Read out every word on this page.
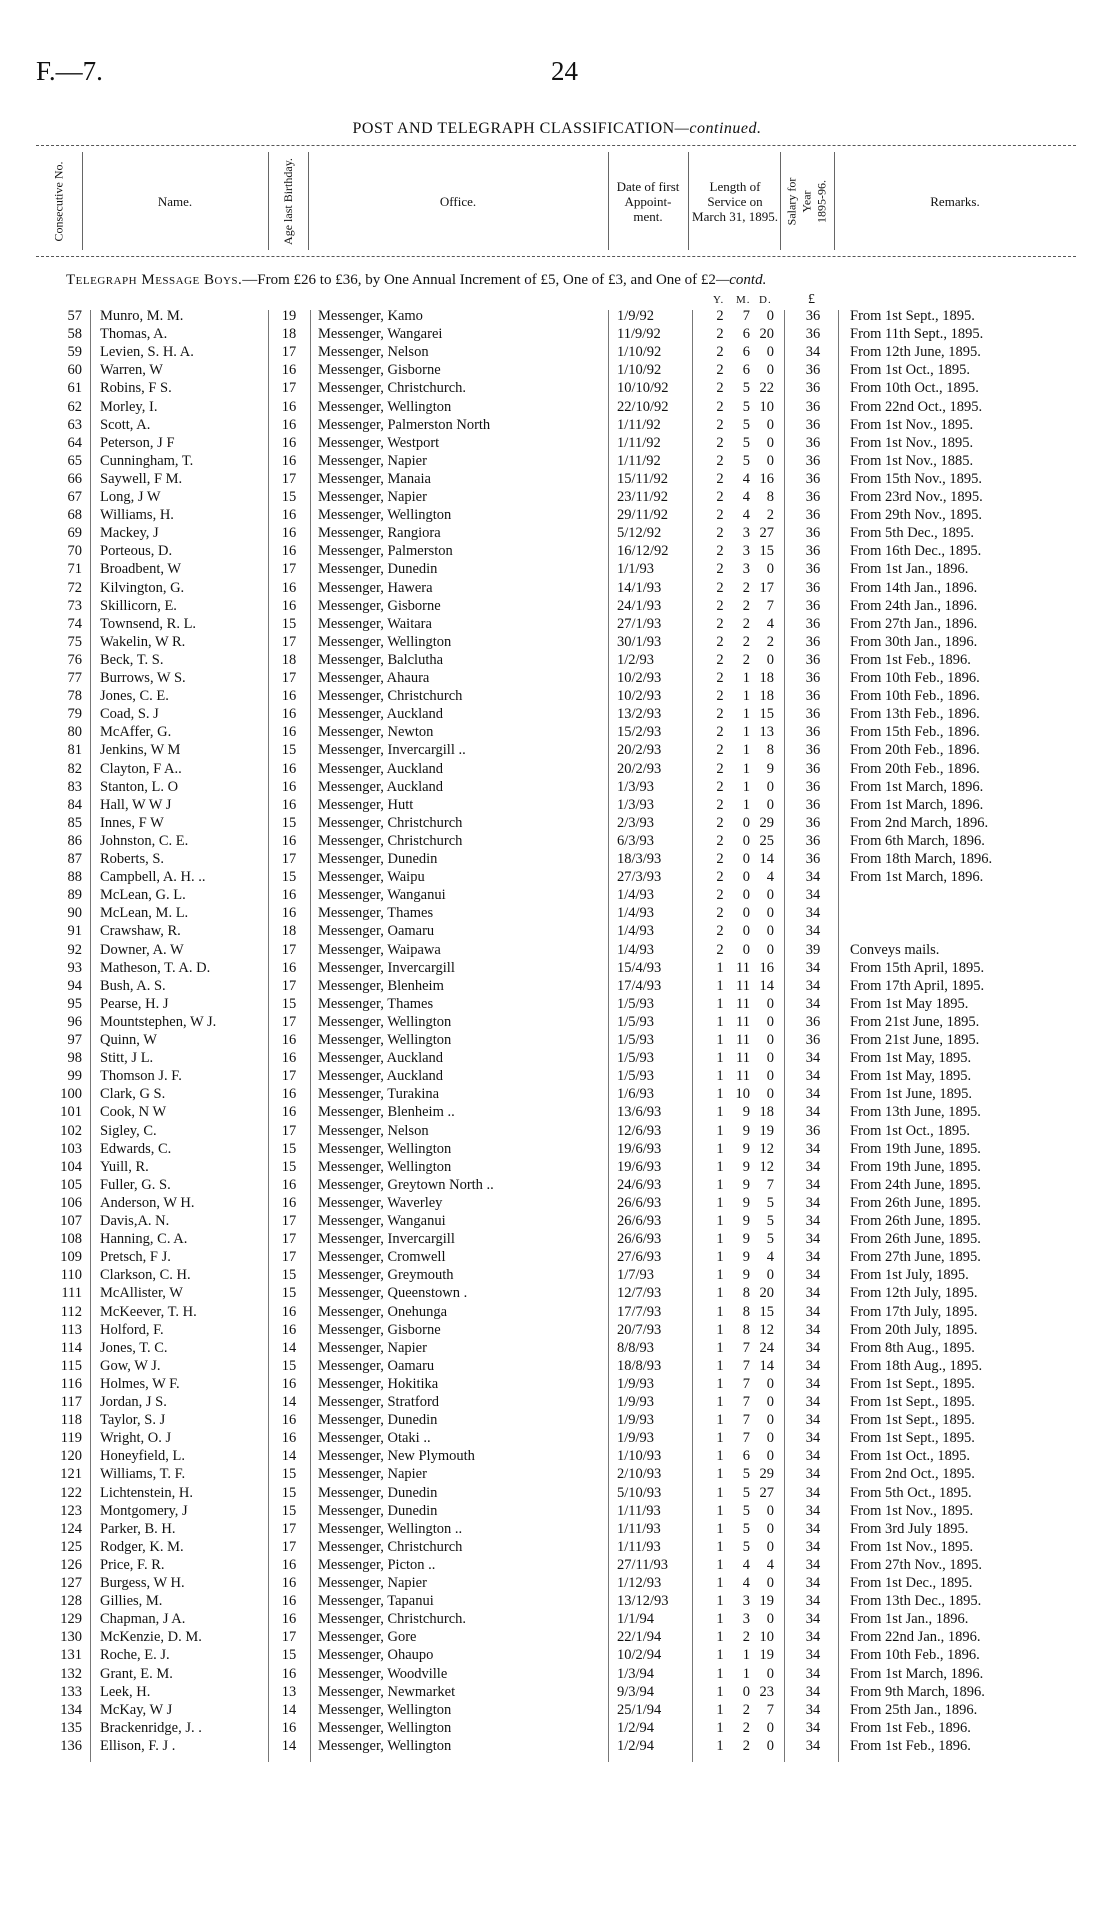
F.—7.	24
POST AND TELEGRAPH CLASSIFICATION—continued.
Consecutive No.	Name.	Age last Birthday.	Office.
Date of first Appoint-ment.
Length of Service on March 31, 1895. Salary for Year 1895-96.	Remarks.
Telegraph Message Boys.—From £26 to £36, by One Annual Increment of £5, One of £3, and One of £2—contd.
Y. M. D.	£
57 Munro, M. M.	19	Messenger, Kamo	1/9/92	2	7	0	36	From 1st Sept., 1895.
58 Thomas, A.	18	Messenger, Wangarei	11/9/92	2	6 20	36	From 11th Sept., 1895.
59 Levien, S. H. A.	17	Messenger, Nelson	1/10/92	2	6	0	34	From 12th June, 1895.
60 Warren, W	16	Messenger, Gisborne	1/10/92	2	6	0	36	From 1st Oct., 1895.
61 Robins, F S.	17	Messenger, Christchurch.	10/10/92	2	5 22	36	From 10th Oct., 1895.
62 Morley, I.	16	Messenger, Wellington	22/10/92	2	5 10	36	From 22nd Oct., 1895.
63 Scott, A.	16	Messenger, Palmerston North	1/11/92	2	5	0	36	From 1st Nov., 1895.
64 Peterson, J F	16	Messenger, Westport	1/11/92	2	5	0	36	From 1st Nov., 1895.
65 Cunningham, T.	16	Messenger, Napier	1/11/92	2	5	0	36	From 1st Nov., 1885.
66 Saywell, F M.	17	Messenger, Manaia	15/11/92	2	4 16	36	From 15th Nov., 1895.
67 Long, J W	15	Messenger, Napier	23/11/92	2	4	8	36	From 23rd Nov., 1895.
68 Williams, H.	16	Messenger, Wellington	29/11/92	2	4	2	36	From 29th Nov., 1895.
69 Mackey, J	16	Messenger, Rangiora	5/12/92	2	3 27	36	From 5th Dec., 1895.
70 Porteous, D.	16	Messenger, Palmerston	16/12/92	2	3 15	36	From 16th Dec., 1895.
71 Broadbent, W	17	Messenger, Dunedin	1/1/93	2	3	0	36	From 1st Jan., 1896.
72 Kilvington, G.	16	Messenger, Hawera	14/1/93	2	2 17	36	From 14th Jan., 1896.
73 Skillicorn, E.	16	Messenger, Gisborne	24/1/93	2	2	7	36	From 24th Jan., 1896.
74 Townsend, R. L.	15	Messenger, Waitara	27/1/93	2	2	4	36	From 27th Jan., 1896.
75 Wakelin, W R.	17	Messenger, Wellington	30/1/93	2	2	2	36	From 30th Jan., 1896.
76 Beck, T. S.	18	Messenger, Balclutha	1/2/93	2	2	0	36	From 1st Feb., 1896.
77 Burrows, W S.	17	Messenger, Ahaura	10/2/93	2	1 18	36	From 10th Feb., 1896.
78 Jones, C. E.	16	Messenger, Christchurch	10/2/93	2	1 18	36	From 10th Feb., 1896.
79 Coad, S. J	16	Messenger, Auckland	13/2/93	2	1 15	36	From 13th Feb., 1896.
80 McAffer, G.	16	Messenger, Newton	15/2/93	2	1 13	36	From 15th Feb., 1896.
81 Jenkins, W M	15	Messenger, Invercargill ..	20/2/93	2	1	8	36	From 20th Feb., 1896.
82 Clayton, F A..	16	Messenger, Auckland	20/2/93	2	1	9	36	From 20th Feb., 1896.
83 Stanton, L. O	16	Messenger, Auckland	1/3/93	2	1	0	36	From 1st March, 1896.
84 Hall, W W J	16	Messenger, Hutt	1/3/93	2	1	0	36	From 1st March, 1896.
85 Innes, F W	15	Messenger, Christchurch	2/3/93	2	0 29	36	From 2nd March, 1896.
86 Johnston, C. E.	16	Messenger, Christchurch	6/3/93	2	0 25	36	From 6th March, 1896.
87 Roberts, S.	17	Messenger, Dunedin	18/3/93	2	0 14	36	From 18th March, 1896.
88 Campbell, A. H. ..	15	Messenger, Waipu	27/3/93	2	0	4	34	From 1st March, 1896.
89 McLean, G. L.	16	Messenger, Wanganui	1/4/93	2	0	0	34
90 McLean, M. L.	16	Messenger, Thames	1/4/93	2	0	0	34
91 Crawshaw, R.	18	Messenger, Oamaru	1/4/93	2	0	0	34
92 Downer, A. W	17	Messenger, Waipawa	1/4/93	2	0	0	39	Conveys mails.
93 Matheson, T. A. D.	16	Messenger, Invercargill	15/4/93	1 11 16	34	From 15th April, 1895.
94 Bush, A. S.	17	Messenger, Blenheim	17/4/93	1 11 14	34	From 17th April, 1895.
95 Pearse, H. J	15	Messenger, Thames	1/5/93	1 11	0	34	From 1st May 1895.
96 Mountstephen, W J.	17	Messenger, Wellington	1/5/93	1 11	0	36	From 21st June, 1895.
97 Quinn, W	16	Messenger, Wellington	1/5/93	1 11	0	36	From 21st June, 1895.
98 Stitt, J L.	16	Messenger, Auckland	1/5/93	1 11	0	34	From 1st May, 1895.
99 Thomson J. F.	17	Messenger, Auckland	1/5/93	1 11	0	34	From 1st May, 1895.
100 Clark, G S.	16	Messenger, Turakina	1/6/93	1 10	0	34	From 1st June, 1895.
101 Cook, N W	16	Messenger, Blenheim ..	13/6/93	1	9 18	34	From 13th June, 1895.
102 Sigley, C.	17	Messenger, Nelson	12/6/93	1	9 19	36	From 1st Oct., 1895.
103 Edwards, C.	15	Messenger, Wellington	19/6/93	1	9 12	34	From 19th June, 1895.
104 Yuill, R.	15	Messenger, Wellington	19/6/93	1	9 12	34	From 19th June, 1895.
105 Fuller, G. S.	16	Messenger, Greytown North ..	24/6/93	1	9	7	34	From 24th June, 1895.
106 Anderson, W H.	16	Messenger, Waverley	26/6/93	1	9	5	34	From 26th June, 1895.
107 Davis,A. N.	17	Messenger, Wanganui	26/6/93	1	9	5	34	From 26th June, 1895.
108 Hanning, C. A.	17	Messenger, Invercargill	26/6/93	1	9	5	34	From 26th June, 1895.
109 Pretsch, F J.	17	Messenger, Cromwell	27/6/93	1	9	4	34	From 27th June, 1895.
110 Clarkson, C. H.	15	Messenger, Greymouth	1/7/93	1	9	0	34	From 1st July, 1895.
111 McAllister, W	15	Messenger, Queenstown .	12/7/93	1	8 20	34	From 12th July, 1895.
112 McKeever, T. H.	16	Messenger, Onehunga	17/7/93	1	8 15	34	From 17th July, 1895.
113 Holford, F.	16	Messenger, Gisborne	20/7/93	1	8 12	34	From 20th July, 1895.
114 Jones, T. C.	14	Messenger, Napier	8/8/93	1	7 24	34	From 8th Aug., 1895.
115 Gow, W J.	15	Messenger, Oamaru	18/8/93	1	7 14	34	From 18th Aug., 1895.
116 Holmes, W F.	16	Messenger, Hokitika	1/9/93	1	7	0	34	From 1st Sept., 1895.
117 Jordan, J S.	14	Messenger, Stratford	1/9/93	1	7	0	34	From 1st Sept., 1895.
118 Taylor, S. J	16	Messenger, Dunedin	1/9/93	1	7	0	34	From 1st Sept., 1895.
119 Wright, O. J	16	Messenger, Otaki ..	1/9/93	1	7	0	34	From 1st Sept., 1895.
120 Honeyfield, L.	14	Messenger, New Plymouth	1/10/93	1	6	0	34	From 1st Oct., 1895.
121 Williams, T. F.	15	Messenger, Napier	2/10/93	1	5 29	34	From 2nd Oct., 1895.
122 Lichtenstein, H.	15	Messenger, Dunedin	5/10/93	1	5 27	34	From 5th Oct., 1895.
123 Montgomery, J	15	Messenger, Dunedin	1/11/93	1	5	0	34	From 1st Nov., 1895.
124 Parker, B. H.	17	Messenger, Wellington ..	1/11/93	1	5	0	34	From 3rd July 1895.
125 Rodger, K. M.	17	Messenger, Christchurch	1/11/93	1	5	0	34	From 1st Nov., 1895.
126 Price, F. R.	16	Messenger, Picton ..	27/11/93	1	4	4	34	From 27th Nov., 1895.
127 Burgess, W H.	16	Messenger, Napier	1/12/93	1	4	0	34	From 1st Dec., 1895.
128 Gillies, M.	16	Messenger, Tapanui	13/12/93	1	3 19	34	From 13th Dec., 1895.
129 Chapman, J A.	16	Messenger, Christchurch.	1/1/94	1	3	0	34	From 1st Jan., 1896.
130 McKenzie, D. M.	17	Messenger, Gore	22/1/94	1	2 10	34	From 22nd Jan., 1896.
131 Roche, E. J.	15	Messenger, Ohaupo	10/2/94	1	1 19	34	From 10th Feb., 1896.
132 Grant, E. M.	16	Messenger, Woodville	1/3/94	1	1	0	34	From 1st March, 1896.
133 Leek, H.	13	Messenger, Newmarket	9/3/94	1	0 23	34	From 9th March, 1896.
134 McKay, W J	14	Messenger, Wellington	25/1/94	1	2	7	34	From 25th Jan., 1896.
135 Brackenridge, J. .	16	Messenger, Wellington	1/2/94	1	2	0	34	From 1st Feb., 1896.
136 Ellison, F. J .	14	Messenger, Wellington	1/2/94	1	2	0	34	From 1st Feb., 1896.
